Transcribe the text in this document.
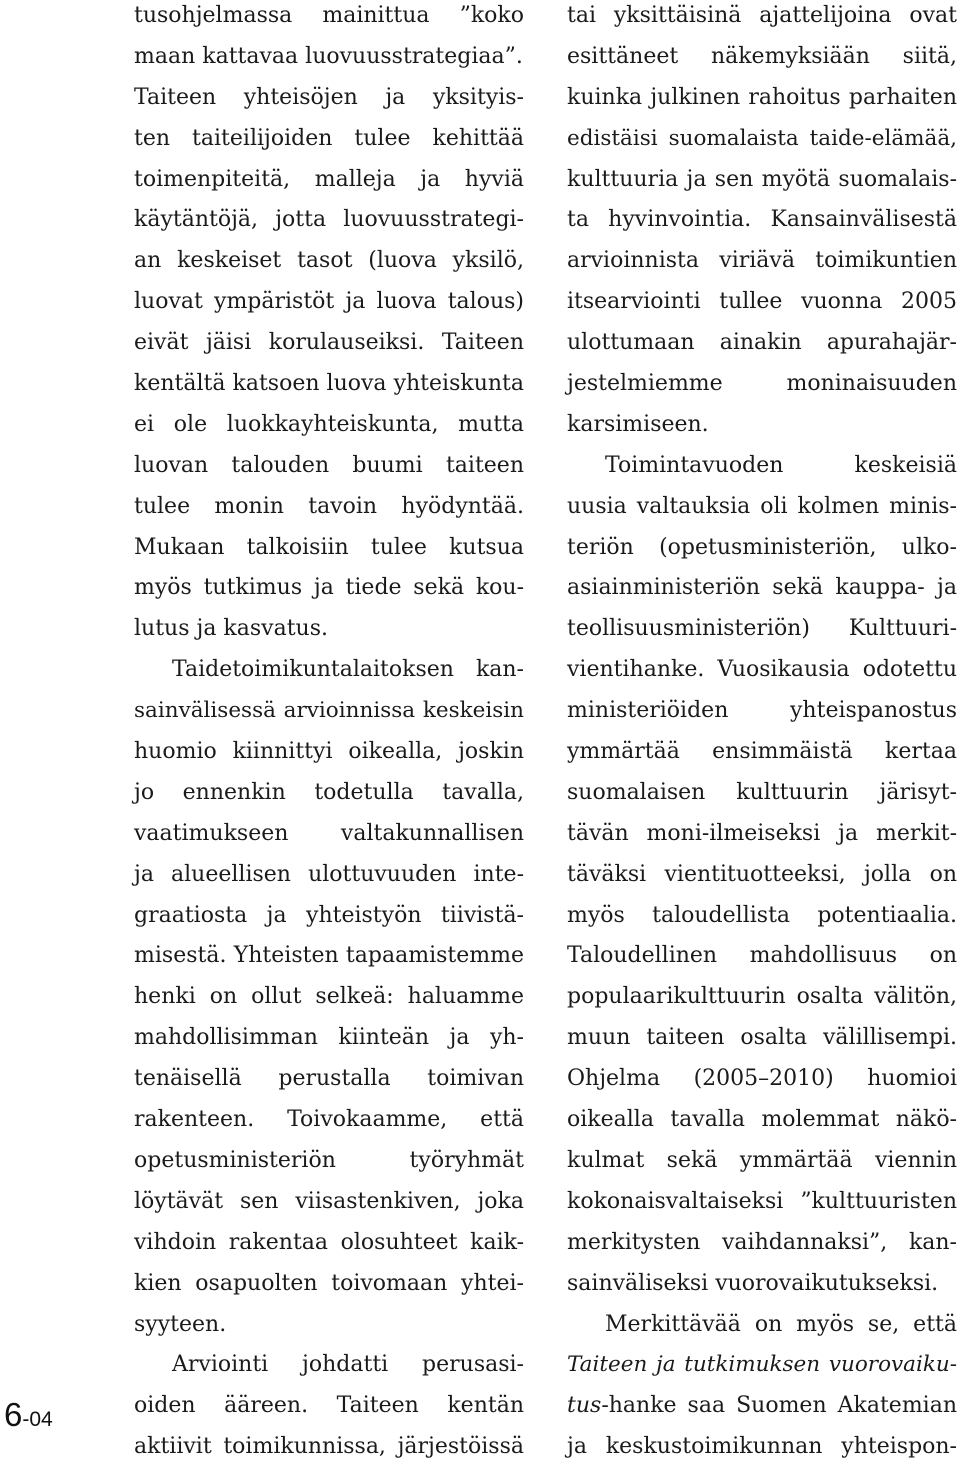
6-04
tusohjelmassa mainittua ”koko
maan kattavaa luovuusstrategiaa”.
Taiteen yhteisöjen ja yksityis-
ten taiteilijoiden tulee kehittää
toimenpiteitä, malleja ja hyviä
käytäntöjä, jotta luovuusstrategi-
an keskeiset tasot (luova yksilö,
luovat ympäristöt ja luova talous)
eivät jäisi korulauseiksi. Taiteen
kentältä katsoen luova yhteiskunta
ei ole luokkayhteiskunta, mutta
luovan talouden buumi taiteen
tulee monin tavoin hyödyntää.
Mukaan talkoisiin tulee kutsua
myös tutkimus ja tiede sekä kou-
lutus ja kasvatus.
Taidetoimikuntalaitoksen kan-
sainvälisessä arvioinnissa keskeisin
huomio kiinnittyi oikealla, joskin
jo ennenkin todetulla tavalla,
vaatimukseen valtakunnallisen
ja alueellisen ulottuvuuden inte-
graatiosta ja yhteistyön tiivistä-
misestä. Yhteisten tapaamistemme
henki on ollut selkeä: haluamme
mahdollisimman kiinteän ja yh-
tenäisellä perustalla toimivan
rakenteen. Toivokaamme, että
opetusministeriön työryhmät
löytävät sen viisastenkiven, joka
vihdoin rakentaa olosuhteet kaik-
kien osapuolten toivomaan yhtei-
syyteen.
Arviointi johdatti perusasi-
oiden ääreen. Taiteen kentän
aktiivit toimikunnissa, järjestöissä
tai yksittäisinä ajattelijoina ovat
esittäneet näkemyksiään siitä,
kuinka julkinen rahoitus parhaiten
edistäisi suomalaista taide-elämää,
kulttuuria ja sen myötä suomalais-
ta hyvinvointia. Kansainvälisestä
arvioinnista viriävä toimikuntien
itsearviointi tullee vuonna 2005
ulottumaan ainakin apurahajär-
jestelmiemme moninaisuuden
karsimiseen.
Toimintavuoden keskeisiä
uusia valtauksia oli kolmen minis-
teriön (opetusministeriön, ulko-
asiainministeriön sekä kauppa- ja
teollisuusministeriön) Kulttuuri-
vientihanke. Vuosikausia odotettu
ministeriöiden yhteispanostus
ymmärtää ensimmäistä kertaa
suomalaisen kulttuurin järisyt-
tävän moni-ilmeiseksi ja merkit-
täväksi vientituotteeksi, jolla on
myös taloudellista potentiaalia.
Taloudellinen mahdollisuus on
populaarikulttuurin osalta välitön,
muun taiteen osalta välillisempi.
Ohjelma (2005–2010) huomioi
oikealla tavalla molemmat näkö-
kulmat sekä ymmärtää viennin
kokonaisvaltaiseksi ”kulttuuristen
merkitysten vaihdannaksi”, kan-
sainväliseksi vuorovaikutukseksi.
Merkittävää on myös se, että
Taiteen ja tutkimuksen vuorovaiku-
tus-hanke saa Suomen Akatemian
ja keskustoimikunnan yhteispon-
